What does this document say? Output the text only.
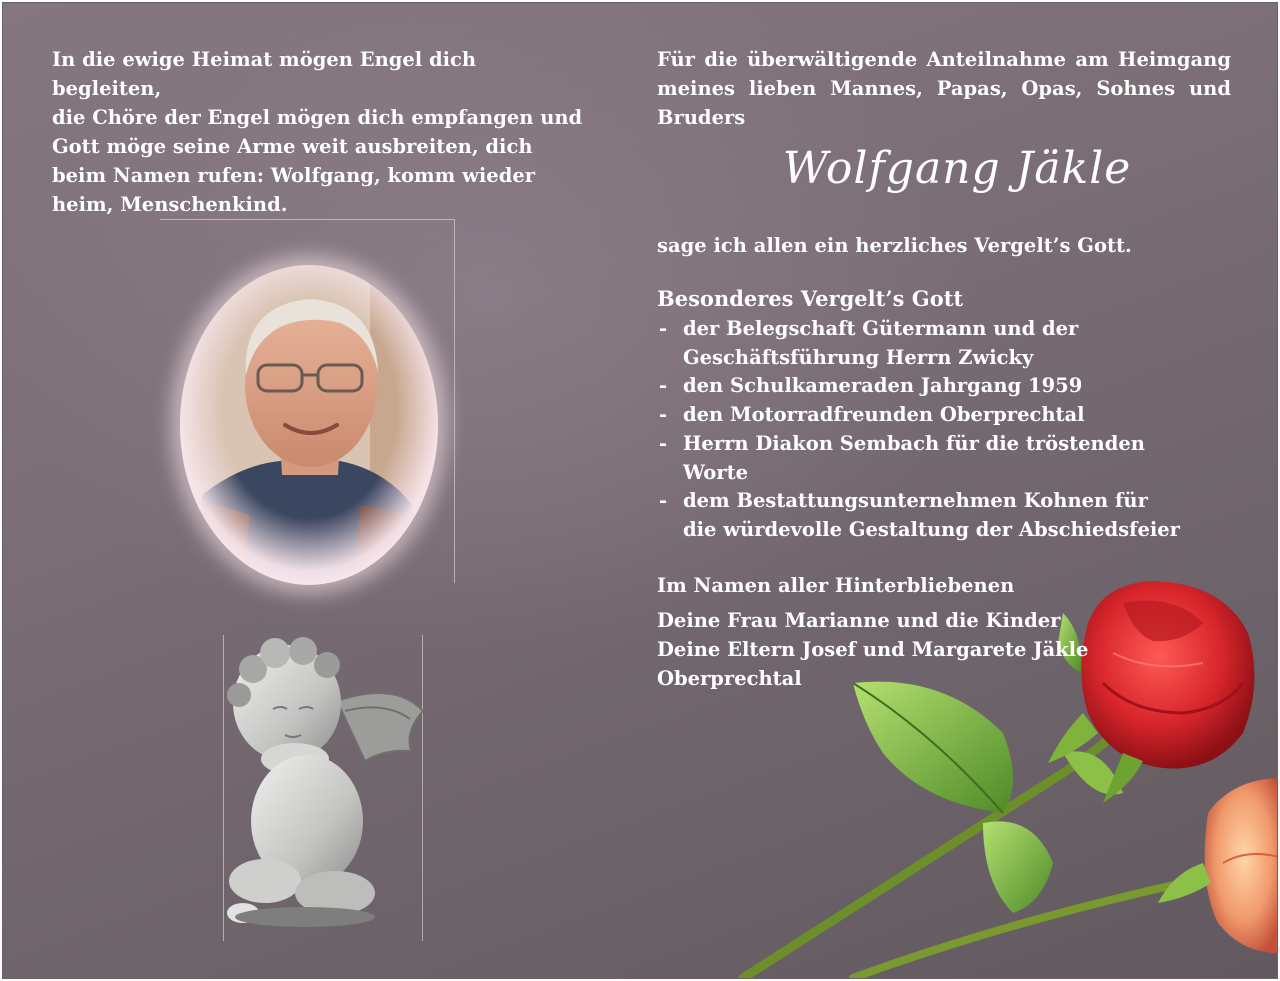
In die ewige Heimat mögen Engel dich begleiten,
die Chöre der Engel mögen dich empfangen und
Gott möge seine Arme weit ausbreiten, dich
beim Namen rufen: Wolfgang, komm wieder
heim, Menschenkind.
Für die überwältigende Anteilnahme am Heimgang meines lieben Mannes, Papas, Opas, Sohnes und Bruders
Wolfgang Jäkle
sage ich allen ein herzliches Vergelt’s Gott.
Besonderes Vergelt’s Gott
- der Belegschaft Gütermann und der
Geschäftsführung Herrn Zwicky
- den Schulkameraden Jahrgang 1959
- den Motorradfreunden Oberprechtal
- Herrn Diakon Sembach für die tröstenden
Worte
- dem Bestattungsunternehmen Kohnen für
die würdevolle Gestaltung der Abschiedsfeier
Im Namen aller Hinterbliebenen
Deine Frau Marianne und die Kinder
Deine Eltern Josef und Margarete Jäkle
Oberprechtal
